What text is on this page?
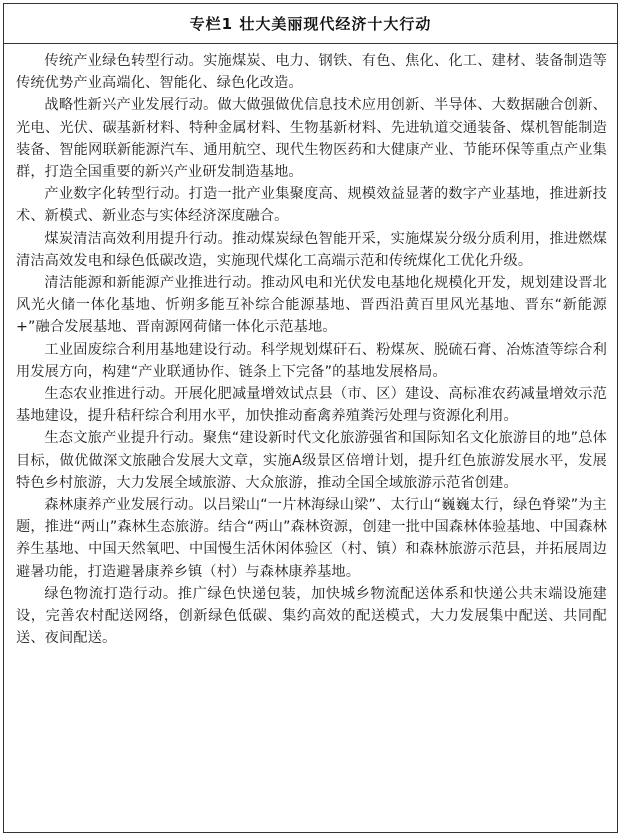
专栏1 壮大美丽现代经济十大行动

传统产业绿色转型行动。实施煤炭、电力、钢铁、有色、焦化、化工、建材、装备制造等传统优势产业高端化、智能化、绿色化改造。

战略性新兴产业发展行动。做大做强做优信息技术应用创新、半导体、大数据融合创新、光电、光伏、碳基新材料、特种金属材料、生物基新材料、先进轨道交通装备、煤机智能制造装备、智能网联新能源汽车、通用航空、现代生物医药和大健康产业、节能环保等重点产业集群，打造全国重要的新兴产业研发制造基地。

产业数字化转型行动。打造一批产业集聚度高、规模效益显著的数字产业基地，推进新技术、新模式、新业态与实体经济深度融合。

煤炭清洁高效利用提升行动。推动煤炭绿色智能开采，实施煤炭分级分质利用，推进燃煤清洁高效发电和绿色低碳改造，实施现代煤化工高端示范和传统煤化工优化升级。

清洁能源和新能源产业推进行动。推动风电和光伏发电基地化规模化开发，规划建设晋北风光火储一体化基地、忻朔多能互补综合能源基地、晋西沿黄百里风光基地、晋东“新能源+”融合发展基地、晋南源网荷储一体化示范基地。

工业固废综合利用基地建设行动。科学规划煤矸石、粉煤灰、脱硫石膏、冶炼渣等综合利用发展方向，构建“产业联通协作、链条上下完备”的基地发展格局。

生态农业推进行动。开展化肥减量增效试点县（市、区）建设、高标准农药减量增效示范基地建设，提升秸秆综合利用水平，加快推动畜禽养殖粪污处理与资源化利用。

生态文旅产业提升行动。聚焦“建设新时代文化旅游强省和国际知名文化旅游目的地”总体目标，做优做深文旅融合发展大文章，实施A级景区倍增计划，提升红色旅游发展水平，发展特色乡村旅游，大力发展全域旅游、大众旅游，推动全国全域旅游示范省创建。

森林康养产业发展行动。以吕梁山“一片林海绿山梁”、太行山“巍巍太行，绿色脊梁”为主题，推进“两山”森林生态旅游。结合“两山”森林资源，创建一批中国森林体验基地、中国森林养生基地、中国天然氧吧、中国慢生活休闲体验区（村、镇）和森林旅游示范县，并拓展周边避暑功能，打造避暑康养乡镇（村）与森林康养基地。

绿色物流打造行动。推广绿色快递包装，加快城乡物流配送体系和快递公共末端设施建设，完善农村配送网络，创新绿色低碳、集约高效的配送模式，大力发展集中配送、共同配送、夜间配送。
